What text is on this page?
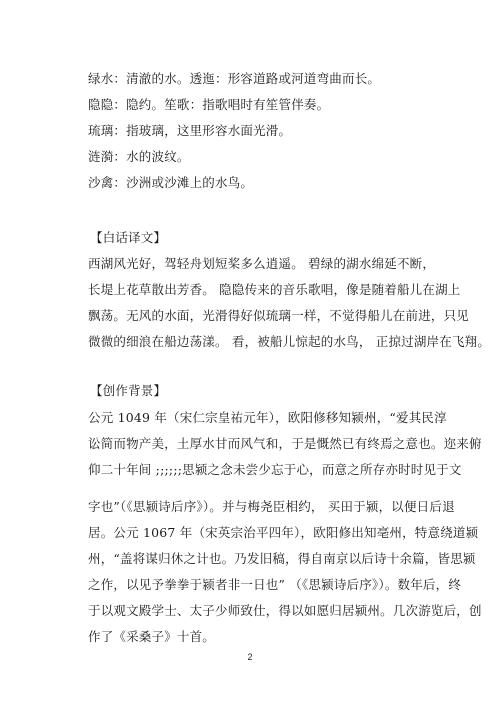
绿水：清澈的水。透迤：形容道路或河道弯曲而长。
隐隐：隐约。笙歌：指歌唱时有笙管伴奏。
琉璃：指玻璃，这里形容水面光滑。
涟漪：水的波纹。
沙禽：沙洲或沙滩上的水鸟。
【白话译文】
西湖风光好，驾轻舟划短桨多么逍遥。 碧绿的湖水绵延不断，
长堤上花草散出芳香。 隐隐传来的音乐歌唱，像是随着船儿在湖上
飘荡。无风的水面，光滑得好似琉璃一样，不觉得船儿在前进，只见
微微的细浪在船边荡漾。 看，被船儿惊起的水鸟， 正掠过湖岸在飞翔。
【创作背景】
公元 1049 年（宋仁宗皇祐元年），欧阳修移知颍州，“爱其民淳
讼简而物产美，土厚水甘而风气和，于是慨然已有终焉之意也。迩来俯
仰二十年间 ;;;;;;思颍之念未尝少忘于心，而意之所存亦时时见于文
字也”（《思颍诗后序》）。并与梅尧臣相约， 买田于颍，以便日后退
居。公元 1067 年（宋英宗治平四年），欧阳修出知亳州，特意绕道颍
州，“盖将谋归休之计也。乃发旧稿，得自南京以后诗十余篇，皆思颍
之作，以见予拳拳于颍者非一日也” （《思颍诗后序》）。数年后，终
于以观文殿学士、太子少师致仕，得以如愿归居颍州。几次游览后，创
作了《采桑子》十首。
2
